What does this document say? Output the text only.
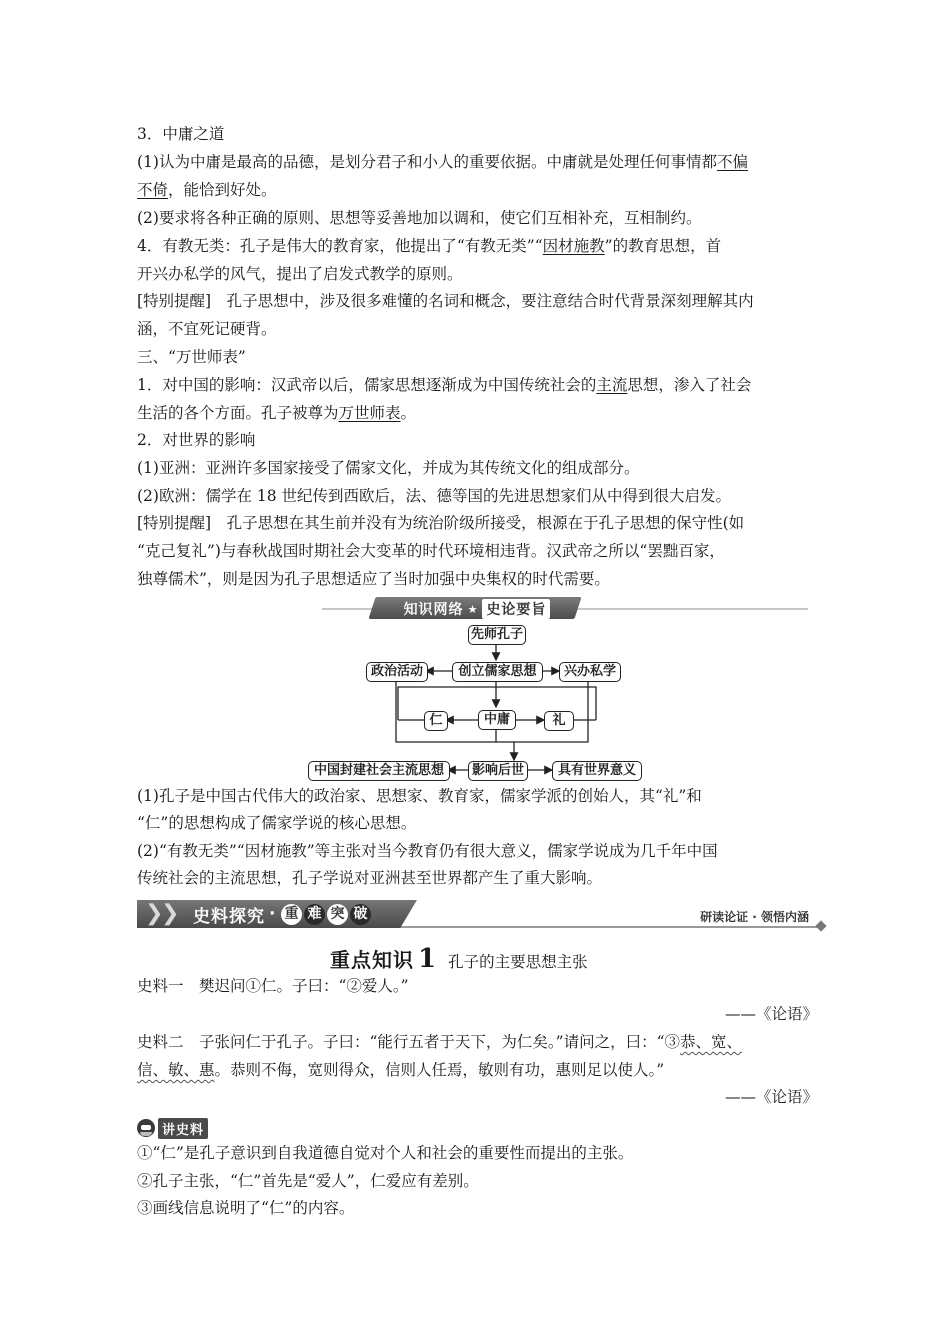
3．中庸之道
(1)认为中庸是最高的品德，是划分君子和小人的重要依据。中庸就是处理任何事情都不偏
不倚，能恰到好处。
(2)要求将各种正确的原则、思想等妥善地加以调和，使它们互相补充，互相制约。
4．有教无类：孔子是伟大的教育家，他提出了“有教无类”“因材施教”的教育思想，首
开兴办私学的风气，提出了启发式教学的原则。
[特别提醒]　孔子思想中，涉及很多难懂的名词和概念，要注意结合时代背景深刻理解其内
涵，不宜死记硬背。
三、“万世师表”
1．对中国的影响：汉武帝以后，儒家思想逐渐成为中国传统社会的主流思想，渗入了社会
生活的各个方面。孔子被尊为万世师表。
2．对世界的影响
(1)亚洲：亚洲许多国家接受了儒家文化，并成为其传统文化的组成部分。
(2)欧洲：儒学在 18 世纪传到西欧后，法、德等国的先进思想家们从中得到很大启发。
[特别提醒]　孔子思想在其生前并没有为统治阶级所接受，根源在于孔子思想的保守性(如
“克己复礼”)与春秋战国时期社会大变革的时代环境相违背。汉武帝之所以“罢黜百家，
独尊儒术”，则是因为孔子思想适应了当时加强中央集权的时代需要。
知识网络 ★ 史论要旨
先师孔子
政治活动	创立儒家思想	兴办私学
仁	中庸	礼
中国封建社会主流思想	影响后世	具有世界意义
(1)孔子是中国古代伟大的政治家、思想家、教育家，儒家学派的创始人，其“礼”和
“仁”的思想构成了儒家学说的核心思想。
(2)“有教无类”“因材施教”等主张对当今教育仍有很大意义，儒家学说成为几千年中国
传统社会的主流思想，孔子学说对亚洲甚至世界都产生了重大影响。
❯
❯ 史料探究 · 重 难 突 破	研读论证 · 领悟内涵
重点知识 1 孔子的主要思想主张
史料一　樊迟问①仁。子曰：“②爱人。”
——《论语》
史料二　子张问仁于孔子。子曰：“能行五者于天下，为仁矣。”请问之，曰：“③恭、宽、
信、敏、惠。恭则不侮，宽则得众，信则人任焉，敏则有功，惠则足以使人。”
——《论语》
讲史料
①“仁”是孔子意识到自我道德自觉对个人和社会的重要性而提出的主张。
②孔子主张，“仁”首先是“爱人”，仁爱应有差别。
③画线信息说明了“仁”的内容。
